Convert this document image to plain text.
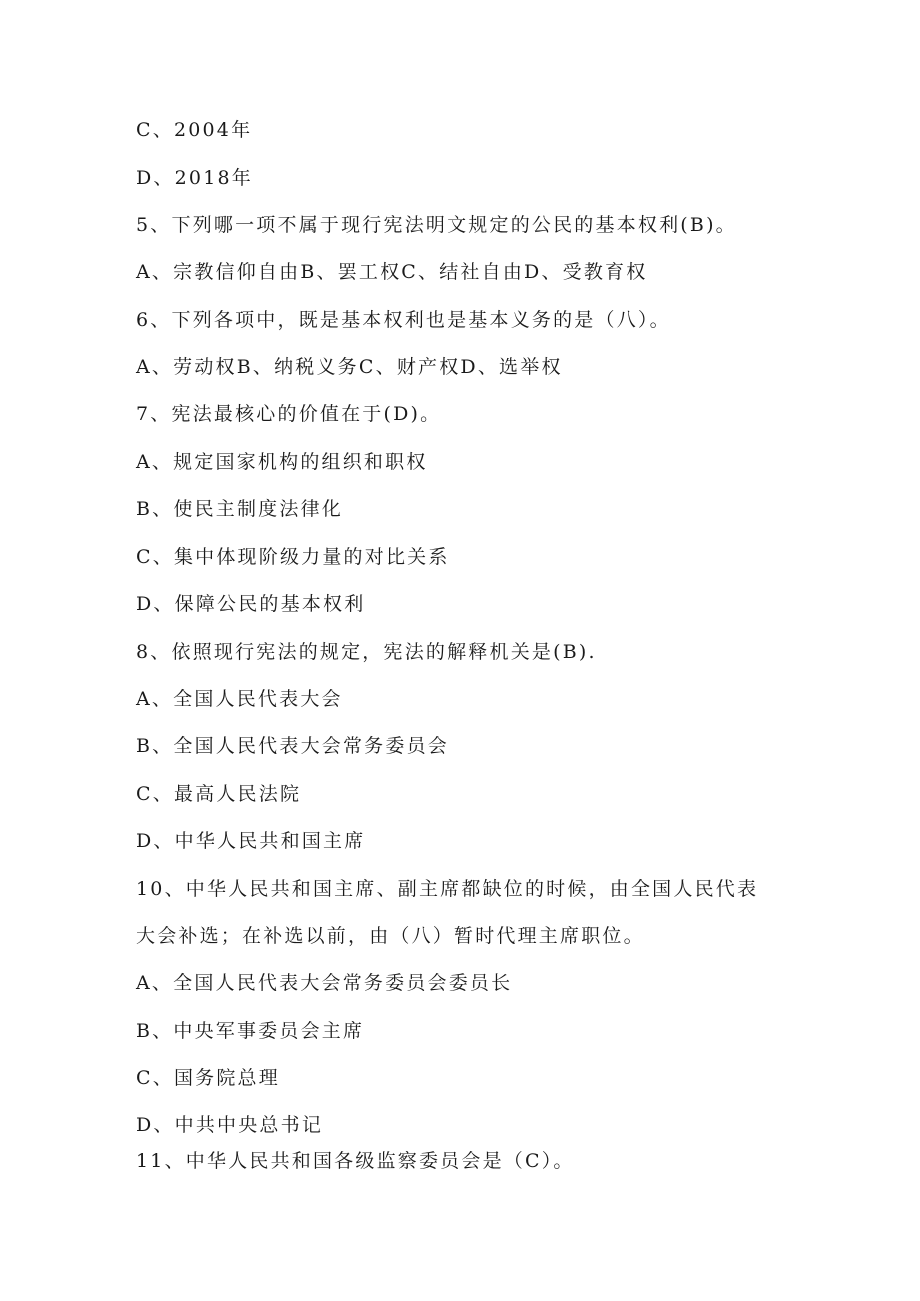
C、2004年
D、2018年
5、下列哪一项不属于现行宪法明文规定的公民的基本权利(B)。
A、宗教信仰自由B、罢工权C、结社自由D、受教育权
6、下列各项中，既是基本权利也是基本义务的是（八）。
A、劳动权B、纳税义务C、财产权D、选举权
7、宪法最核心的价值在于(D)。
A、规定国家机构的组织和职权
B、使民主制度法律化
C、集中体现阶级力量的对比关系
D、保障公民的基本权利
8、依照现行宪法的规定，宪法的解释机关是(B).
A、全国人民代表大会
B、全国人民代表大会常务委员会
C、最高人民法院
D、中华人民共和国主席
10、中华人民共和国主席、副主席都缺位的时候，由全国人民代表
大会补选；在补选以前，由（八）暂时代理主席职位。
A、全国人民代表大会常务委员会委员长
B、中央军事委员会主席
C、国务院总理
D、中共中央总书记
11、中华人民共和国各级监察委员会是（C）。
